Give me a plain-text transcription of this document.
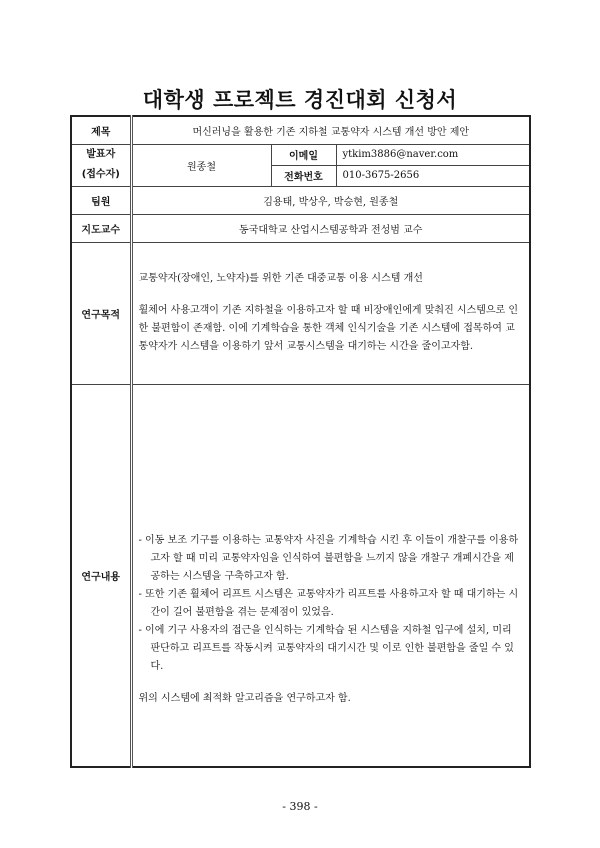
대학생 프로젝트 경진대회 신청서
제목	머신러닝을 활용한 기존 지하철 교통약자 시스템 개선 방안 제안		

발표자
(접수자)	원종철	이메일	ytkim3886@naver.com
		전화번호	010-3675-2656
팀원	김용태, 박상우, 박승현, 원종철		
지도교수	동국대학교 산업시스템공학과 전성범 교수		
연구목적	교통약자(장애인, 노약자)를 위한 기존 대중교통 이용 시스템 개선

휠체어 사용고객이 기존 지하철을 이용하고자 할 때 비장애인에게 맞춰진 시스템으로 인한 불편함이 존재함. 이에 기계학습을 통한 객체 인식기술을 기존 시스템에 접목하여 교통약자가 시스템을 이용하기 앞서 교통시스템을 대기하는 시간을 줄이고자함.		

연구내용	- 이동 보조 기구를 이용하는 교통약자 사진을 기계학습 시킨 후 이들이 개찰구를 이용하고자 할 때 미리 교통약자임을 인식하여 불편함을 느끼지 않을 개찰구 개폐시간을 제공하는 시스템을 구축하고자 함.

- 또한 기존 휠체어 리프트 시스템은 교통약자가 리프트를 사용하고자 할 때 대기하는 시간이 길어 불편함을 겪는 문제점이 있었음.

- 이에 기구 사용자의 접근을 인식하는 기계학습 된 시스템을 지하철 입구에 설치, 미리 판단하고 리프트를 작동시켜 교통약자의 대기시간 및 이로 인한 불편함을 줄일 수 있다.

위의 시스템에 최적화 알고리즘을 연구하고자 함.		

- 398 -
